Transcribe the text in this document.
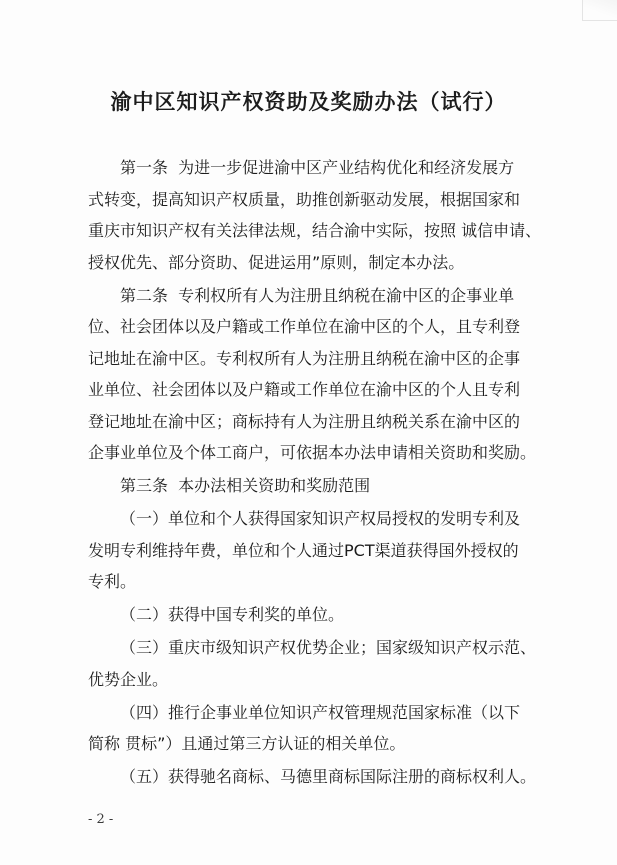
渝中区知识产权资助及奖励办法（试行）

第一条  为进一步促进渝中区产业结构优化和经济发展方
式转变，提高知识产权质量，助推创新驱动发展，根据国家和
重庆市知识产权有关法律法规，结合渝中实际，按照 诚信申请、
授权优先、部分资助、促进运用”原则，制定本办法。

第二条  专利权所有人为注册且纳税在渝中区的企事业单
位、社会团体以及户籍或工作单位在渝中区的个人，且专利登
记地址在渝中区。专利权所有人为注册且纳税在渝中区的企事
业单位、社会团体以及户籍或工作单位在渝中区的个人且专利
登记地址在渝中区；商标持有人为注册且纳税关系在渝中区的
企事业单位及个体工商户，可依据本办法申请相关资助和奖励。

第三条  本办法相关资助和奖励范围

（一）单位和个人获得国家知识产权局授权的发明专利及
发明专利维持年费，单位和个人通过PCT渠道获得国外授权的
专利。

（二）获得中国专利奖的单位。

（三）重庆市级知识产权优势企业；国家级知识产权示范、
优势企业。

（四）推行企事业单位知识产权管理规范国家标准（以下
简称 贯标”）且通过第三方认证的相关单位。

（五）获得驰名商标、马德里商标国际注册的商标权利人。

- 2 -
